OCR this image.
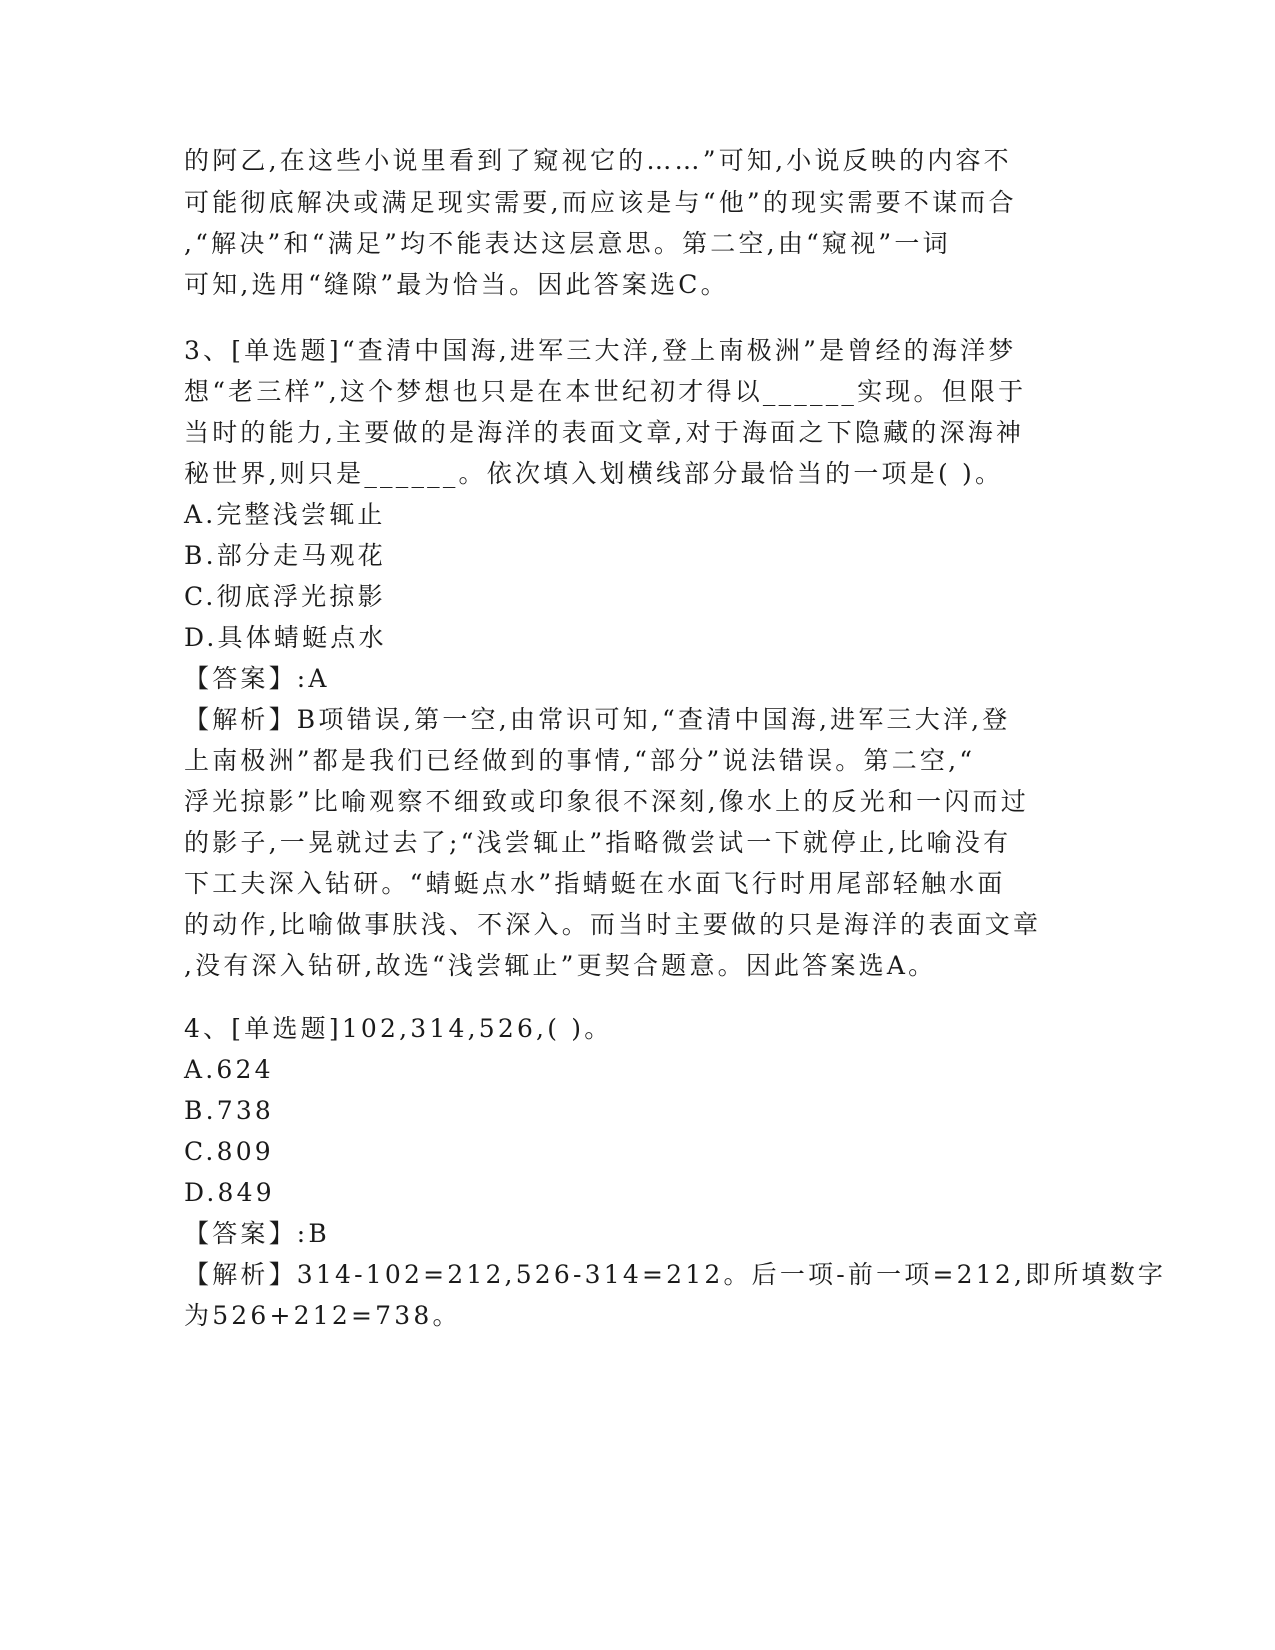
的阿乙,在这些小说里看到了窥视它的……”可知,小说反映的内容不
可能彻底解决或满足现实需要,而应该是与“他”的现实需要不谋而合
,“解决”和“满足”均不能表达这层意思。第二空,由“窥视”一词
可知,选用“缝隙”最为恰当。因此答案选C。
3、[单选题]“查清中国海,进军三大洋,登上南极洲”是曾经的海洋梦
想“老三样”,这个梦想也只是在本世纪初才得以______实现。但限于
当时的能力,主要做的是海洋的表面文章,对于海面之下隐藏的深海神
秘世界,则只是______。依次填入划横线部分最恰当的一项是( )。
A.完整浅尝辄止
B.部分走马观花
C.彻底浮光掠影
D.具体蜻蜓点水
【答案】:A
【解析】B项错误,第一空,由常识可知,“查清中国海,进军三大洋,登
上南极洲”都是我们已经做到的事情,“部分”说法错误。第二空,“
浮光掠影”比喻观察不细致或印象很不深刻,像水上的反光和一闪而过
的影子,一晃就过去了;“浅尝辄止”指略微尝试一下就停止,比喻没有
下工夫深入钻研。“蜻蜓点水”指蜻蜓在水面飞行时用尾部轻触水面
的动作,比喻做事肤浅、不深入。而当时主要做的只是海洋的表面文章
,没有深入钻研,故选“浅尝辄止”更契合题意。因此答案选A。
4、[单选题]102,314,526,( )。
A.624
B.738
C.809
D.849
【答案】:B
【解析】314-102=212,526-314=212。后一项-前一项=212,即所填数字
为526+212=738。
